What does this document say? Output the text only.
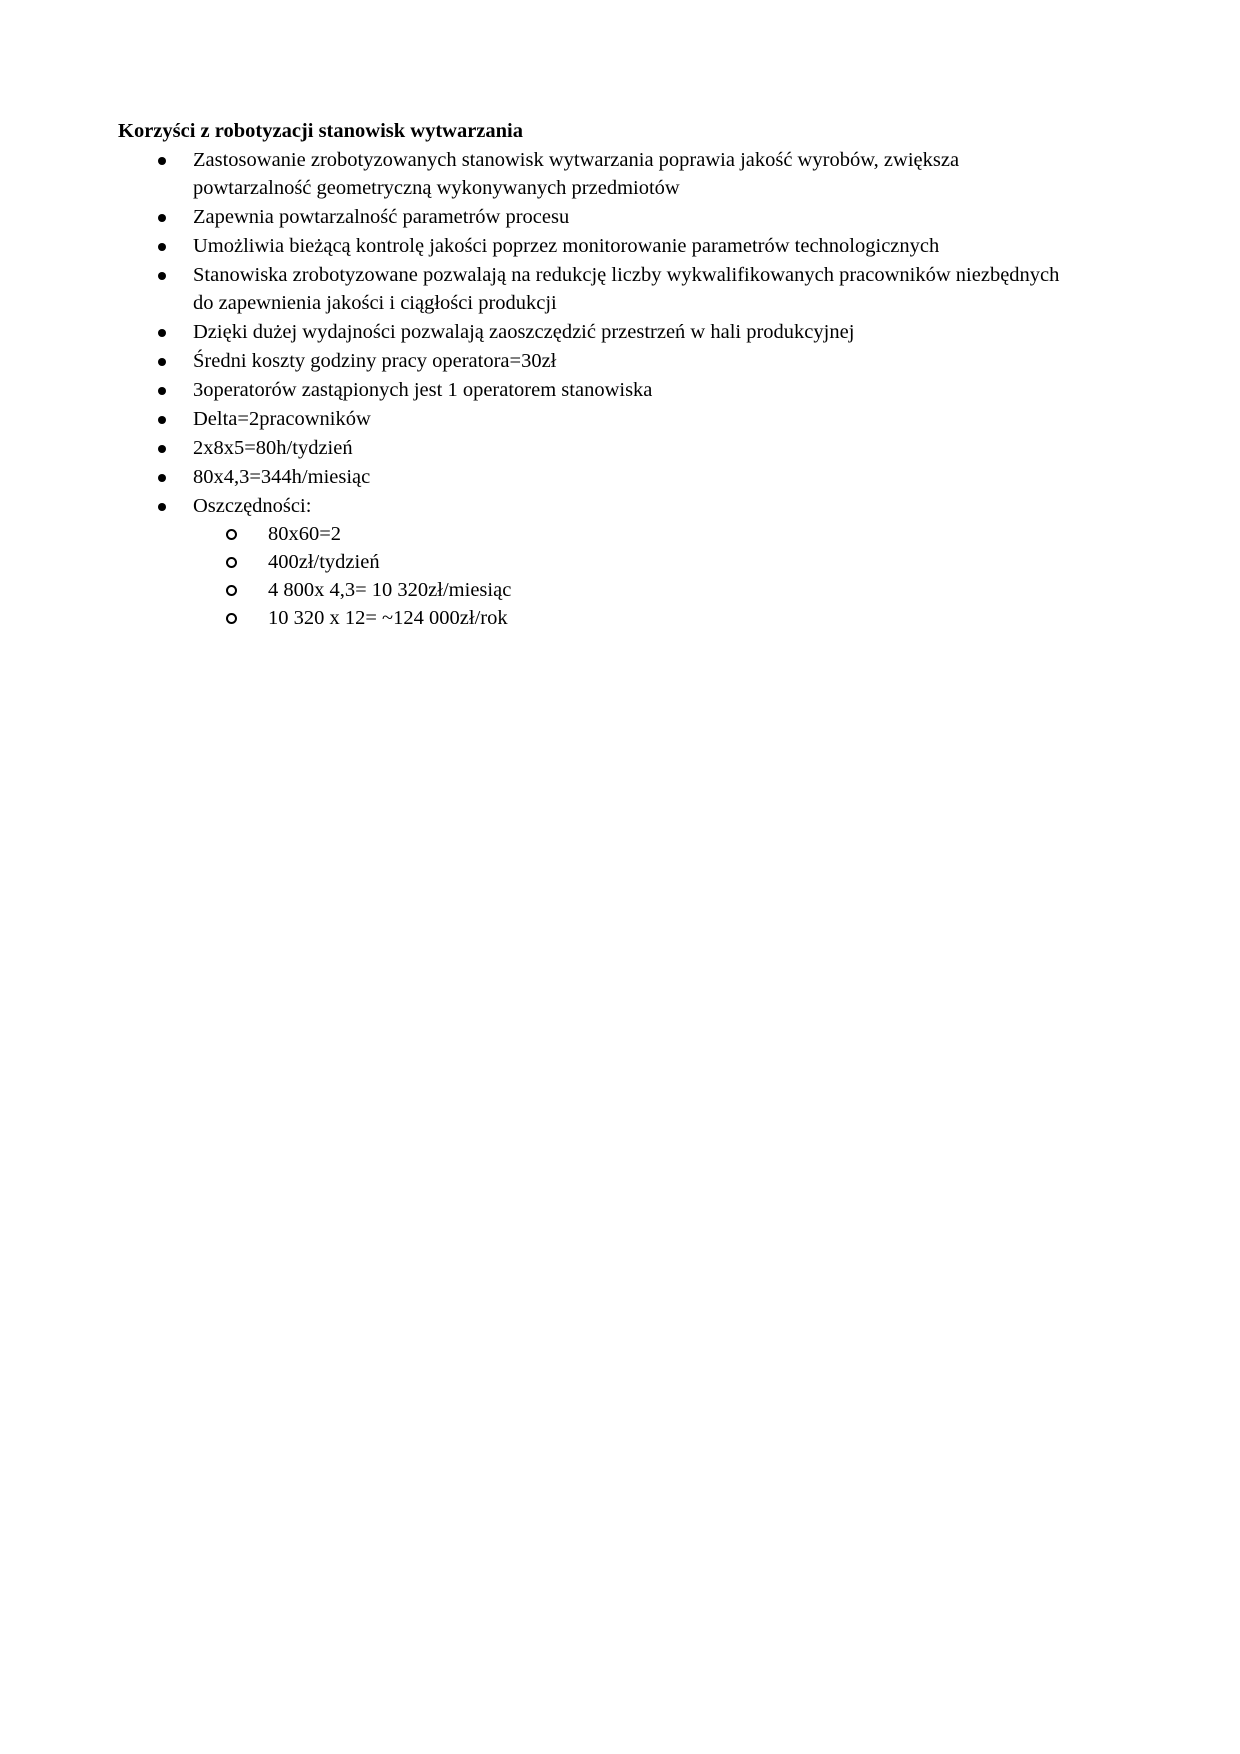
Korzyści z robotyzacji stanowisk wytwarzania

Zastosowanie zrobotyzowanych stanowisk wytwarzania poprawia jakość wyrobów, zwiększa powtarzalność geometryczną wykonywanych przedmiotów
Zapewnia powtarzalność parametrów procesu
Umożliwia bieżącą kontrolę jakości poprzez monitorowanie parametrów technologicznych
Stanowiska zrobotyzowane pozwalają na redukcję liczby wykwalifikowanych pracowników niezbędnych do zapewnienia jakości i ciągłości produkcji
Dzięki dużej wydajności pozwalają zaoszczędzić przestrzeń w hali produkcyjnej
Średni koszty godziny pracy operatora=30zł
3operatorów zastąpionych jest 1 operatorem stanowiska
Delta=2pracowników
2x8x5=80h/tydzień
80x4,3=344h/miesiąc
Oszczędności:
80x60=2
400zł/tydzień
4 800x 4,3= 10 320zł/miesiąc
10 320 x 12= ~124 000zł/rok
